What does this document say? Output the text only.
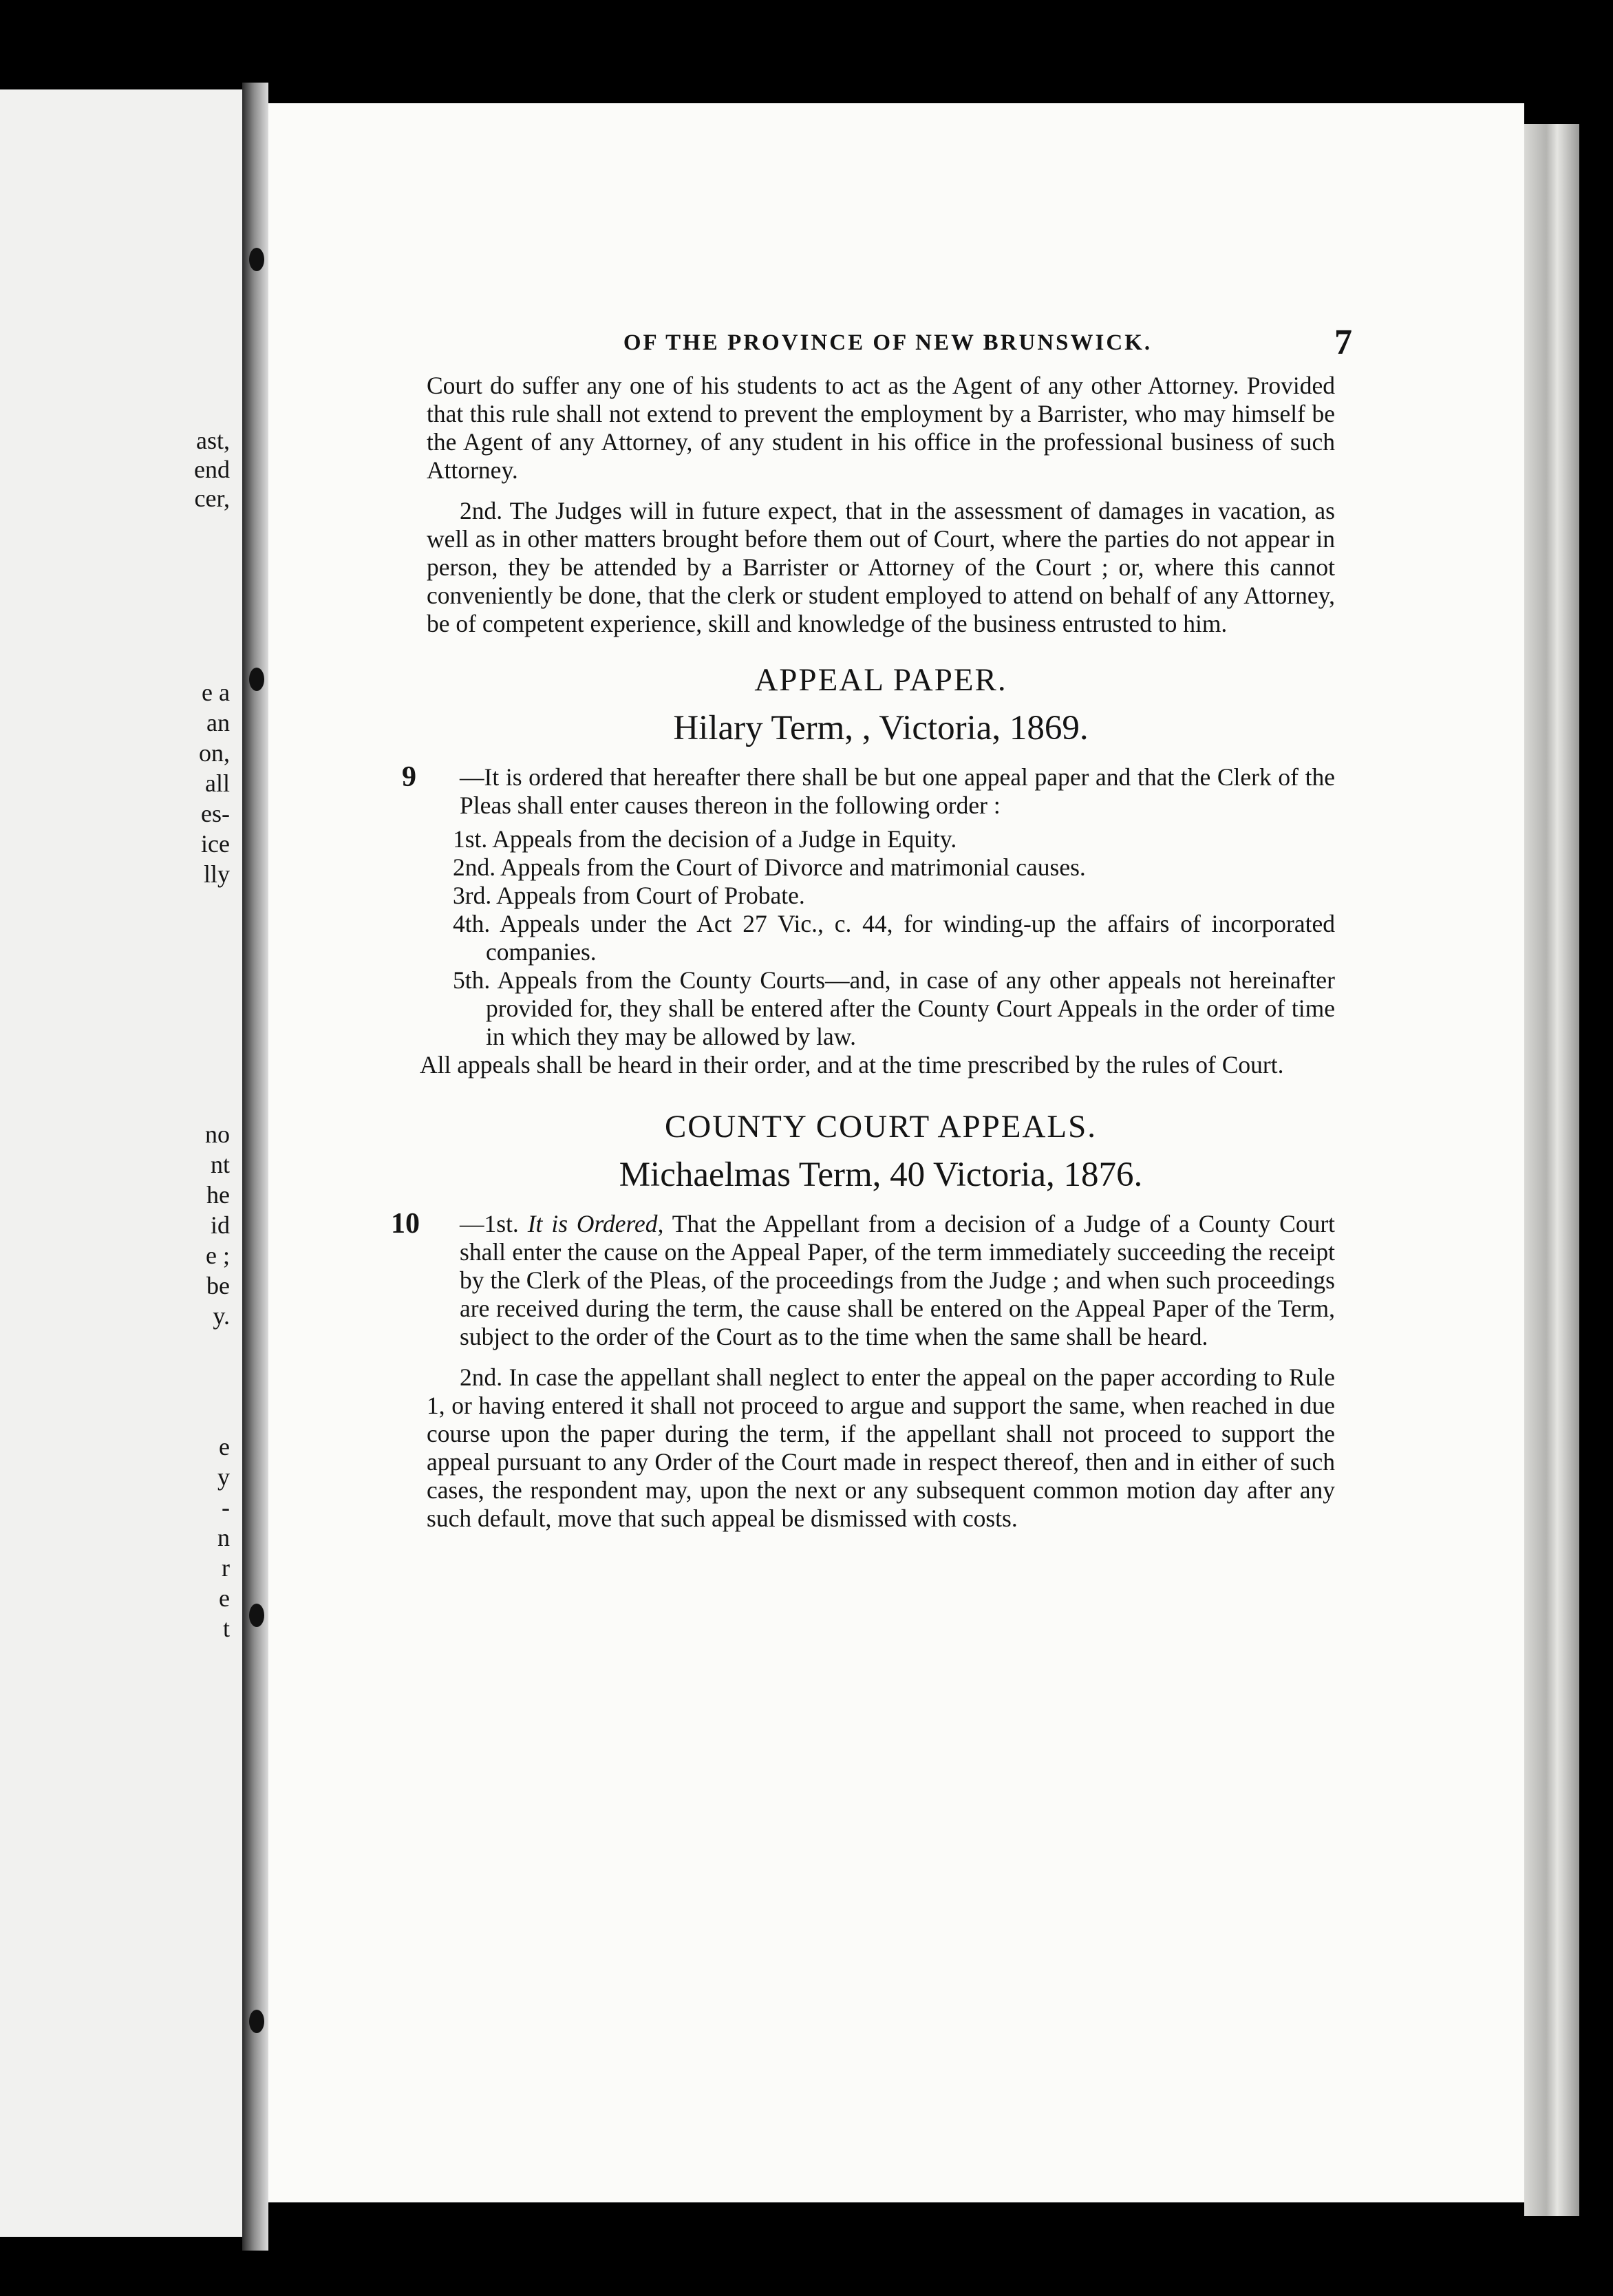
ast,
end
cer,
e a
an
on,
all
es-
ice
lly
no
nt
he
id
e ;
be
y.
e
y
-
n
r
e
t
OF THE PROVINCE OF NEW BRUNSWICK.	7

Court do suffer any one of his students to act as the Agent of any other Attorney. Provided that this rule shall not extend to prevent the employment by a Barrister, who may himself be the Agent of any Attorney, of any student in his office in the professional business of such Attorney.

2nd. The Judges will in future expect, that in the assessment of damages in vacation, as well as in other matters brought before them out of Court, where the parties do not appear in person, they be attended by a Barrister or Attorney of the Court ; or, where this cannot conveniently be done, that the clerk or student employed to attend on behalf of any Attorney, be of competent experience, skill and knowledge of the business entrusted to him.

APPEAL PAPER.
Hilary Term, , Victoria, 1869.

9 —It is ordered that hereafter there shall be but one appeal paper and that the Clerk of the Pleas shall enter causes thereon in the following order :

1st. Appeals from the decision of a Judge in Equity.

2nd. Appeals from the Court of Divorce and matrimonial causes.

3rd. Appeals from Court of Probate.

4th. Appeals under the Act 27 Vic., c. 44, for winding-up the affairs of incorporated companies.

5th. Appeals from the County Courts—and, in case of any other appeals not hereinafter provided for, they shall be entered after the County Court Appeals in the order of time in which they may be allowed by law.

All appeals shall be heard in their order, and at the time prescribed by the rules of Court.

COUNTY COURT APPEALS.
Michaelmas Term, 40 Victoria, 1876.

10 —1st. It is Ordered, That the Appellant from a decision of a Judge of a County Court shall enter the cause on the Appeal Paper, of the term immediately succeeding the receipt by the Clerk of the Pleas, of the proceedings from the Judge ; and when such proceedings are received during the term, the cause shall be entered on the Appeal Paper of the Term, subject to the order of the Court as to the time when the same shall be heard.

2nd. In case the appellant shall neglect to enter the appeal on the paper according to Rule 1, or having entered it shall not proceed to argue and support the same, when reached in due course upon the paper during the term, if the appellant shall not proceed to support the appeal pursuant to any Order of the Court made in respect thereof, then and in either of such cases, the respondent may, upon the next or any subsequent common motion day after any such default, move that such appeal be dismissed with costs.
